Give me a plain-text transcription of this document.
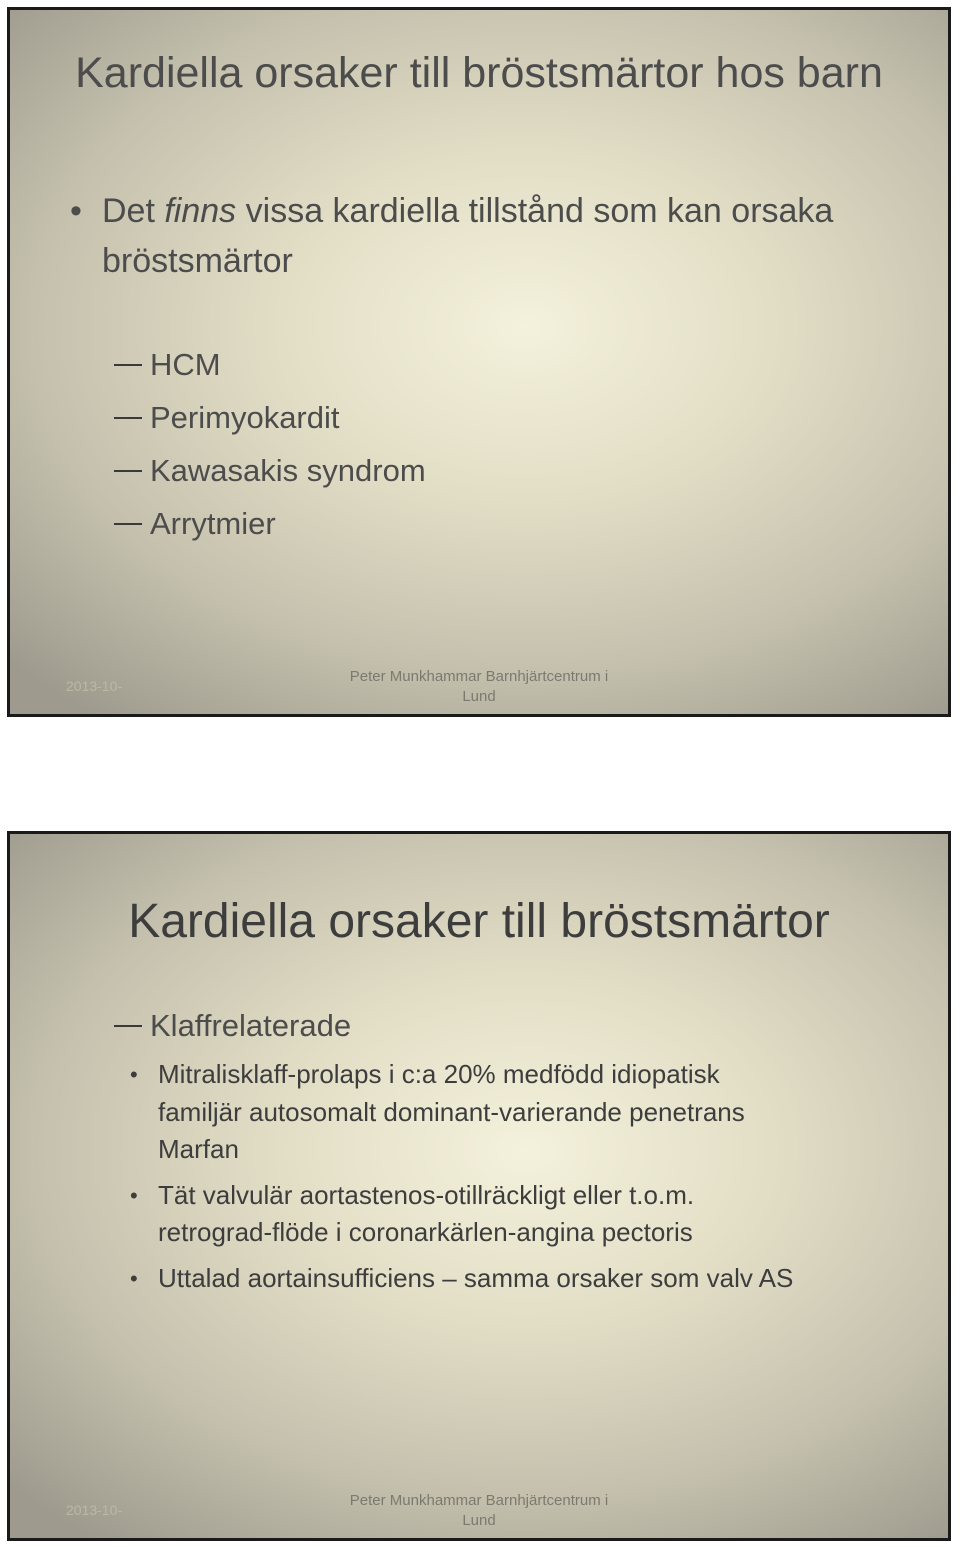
Kardiella orsaker till bröstsmärtor hos barn
• Det finns vissa kardiella tillstånd som kan orsaka bröstsmärtor
HCM
Perimyokardit
Kawasakis syndrom
Arrytmier
2013-10-
Peter Munkhammar Barnhjärtcentrum i
Lund
Kardiella orsaker till bröstsmärtor
Klaffrelaterade
• Mitralisklaff-prolaps i c:a 20% medfödd idiopatisk

familjär autosomalt dominant-varierande penetrans

Marfan

• Tät valvulär aortastenos-otillräckligt eller t.o.m.

retrograd-flöde i coronarkärlen-angina pectoris

• Uttalad aortainsufficiens – samma orsaker som valv AS

2013-10-
Peter Munkhammar Barnhjärtcentrum i
Lund
